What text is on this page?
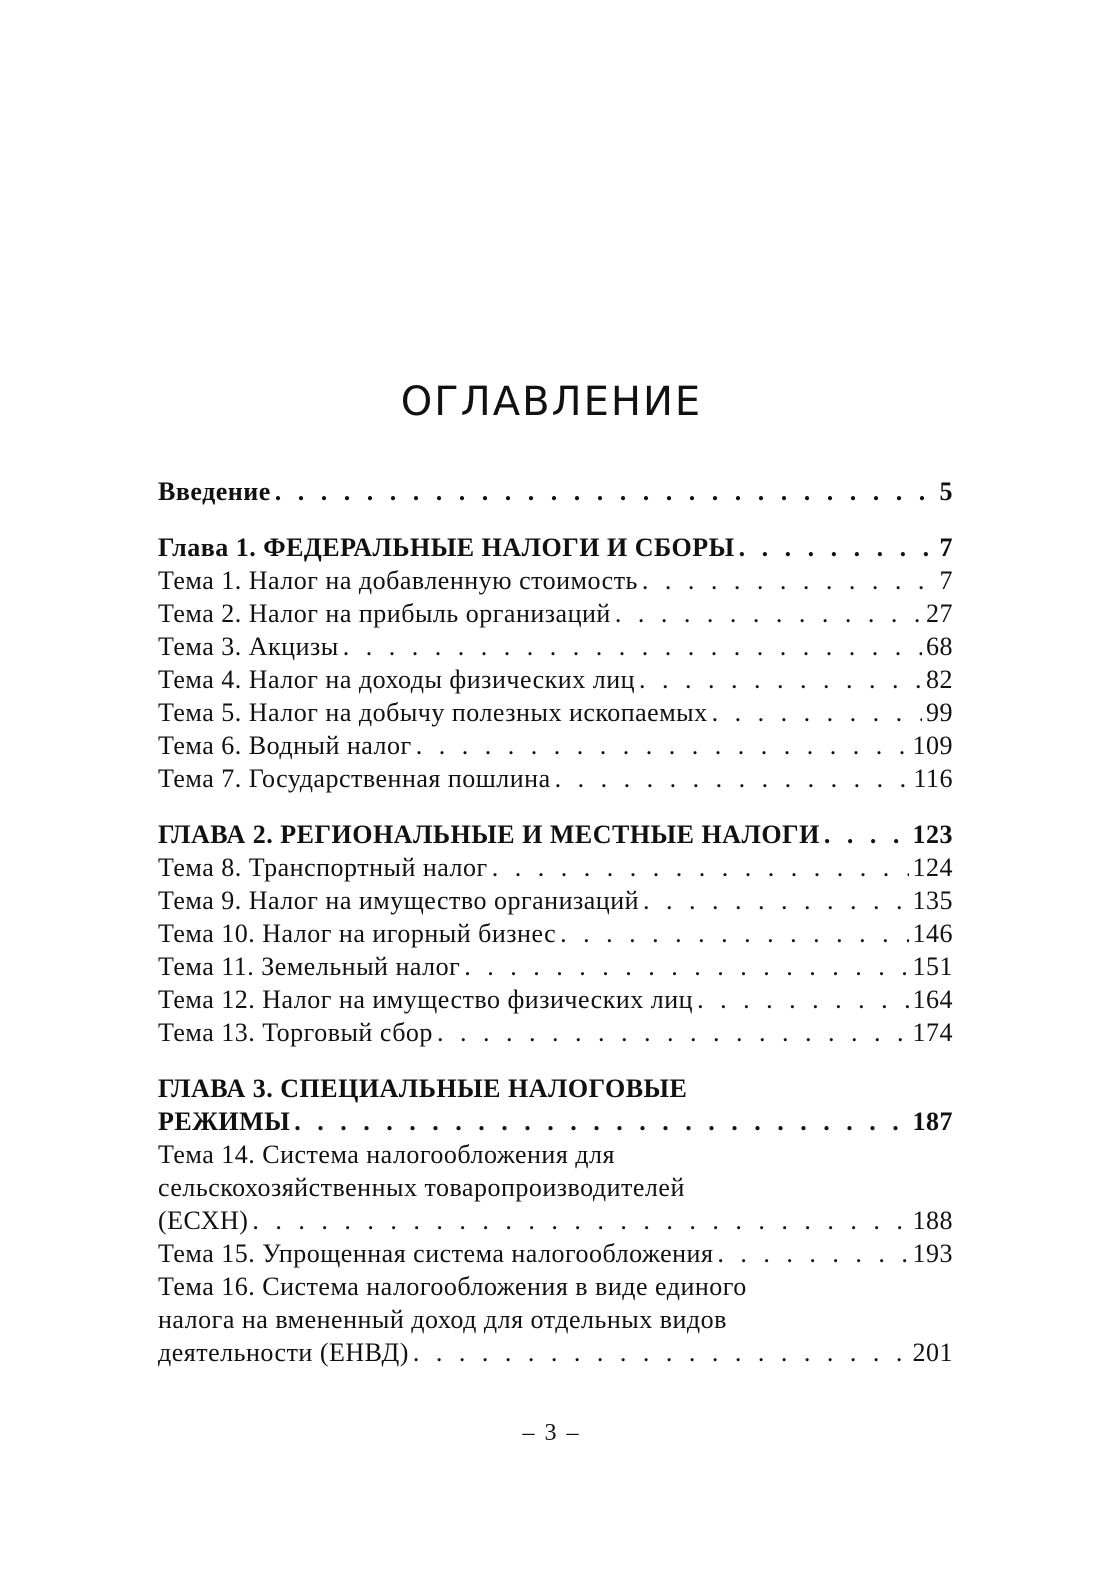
ОГЛАВЛЕНИЕ
Введение . . .	5
Глава 1. ФЕДЕРАЛЬНЫЕ НАЛОГИ И СБОРЫ . . .	7
Тема 1. Налог на добавленную стоимость . . .	7
Тема 2. Налог на прибыль организаций . . .	27
Тема 3. Акцизы . . .	68
Тема 4. Налог на доходы физических лиц . . .	82
Тема 5. Налог на добычу полезных ископаемых . . .	99
Тема 6. Водный налог . . .	109
Тема 7. Государственная пошлина . . .	116
ГЛАВА 2. РЕГИОНАЛЬНЫЕ И МЕСТНЫЕ НАЛОГИ . . .	123
Тема 8. Транспортный налог . . .	124
Тема 9. Налог на имущество организаций . . .	135
Тема 10. Налог на игорный бизнес . . .	146
Тема 11. Земельный налог . . .	151
Тема 12. Налог на имущество физических лиц . . .	164
Тема 13. Торговый сбор . . .	174
ГЛАВА 3. СПЕЦИАЛЬНЫЕ НАЛОГОВЫЕ
РЕЖИМЫ . . .	187
Тема 14. Система налогообложения для
сельскохозяйственных товаропроизводителей
(ЕСХН) . . .	188
Тема 15. Упрощенная система налогообложения . . .	193
Тема 16. Система налогообложения в виде единого
налога на вмененный доход для отдельных видов
деятельности (ЕНВД) . . .	201
– 3 –
